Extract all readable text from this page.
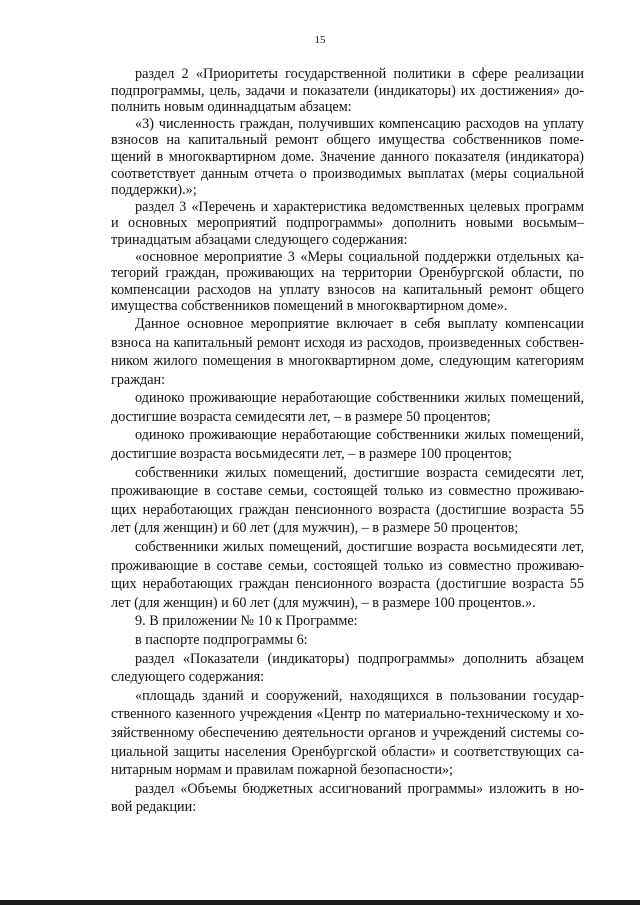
15

раздел 2 «Приоритеты государственной политики в сфере реализации подпрограммы, цель, задачи и показатели (индикаторы) их достижения» дополнить новым одиннадцатым абзацем:

«3) численность граждан, получивших компенсацию расходов на уплату взносов на капитальный ремонт общего имущества собственников помещений в многоквартирном доме. Значение данного показателя (индикатора) соответствует данным отчета о производимых выплатах (меры социальной поддержки).»;

раздел 3 «Перечень и характеристика ведомственных целевых программ и основных мероприятий подпрограммы» дополнить новыми восьмым–тринадцатым абзацами следующего содержания:

«основное мероприятие 3 «Меры социальной поддержки отдельных категорий граждан, проживающих на территории Оренбургской области, по компенсации расходов на уплату взносов на капитальный ремонт общего имущества собственников помещений в многоквартирном доме».

Данное основное мероприятие включает в себя выплату компенсации взноса на капитальный ремонт исходя из расходов, произведенных собственником жилого помещения в многоквартирном доме, следующим категориям граждан:

одиноко проживающие неработающие собственники жилых помещений, достигшие возраста семидесяти лет, – в размере 50 процентов;

одиноко проживающие неработающие собственники жилых помещений, достигшие возраста восьмидесяти лет, – в размере 100 процентов;

собственники жилых помещений, достигшие возраста семидесяти лет, проживающие в составе семьи, состоящей только из совместно проживающих неработающих граждан пенсионного возраста (достигшие возраста 55 лет (для женщин) и 60 лет (для мужчин), – в размере 50 процентов;

собственники жилых помещений, достигшие возраста восьмидесяти лет, проживающие в составе семьи, состоящей только из совместно проживающих неработающих граждан пенсионного возраста (достигшие возраста 55 лет (для женщин) и 60 лет (для мужчин), – в размере 100 процентов.».

9. В приложении № 10 к Программе:

в паспорте подпрограммы 6:

раздел «Показатели (индикаторы) подпрограммы» дополнить абзацем следующего содержания:

«площадь зданий и сооружений, находящихся в пользовании государственного казенного учреждения «Центр по материально-техническому и хозяйственному обеспечению деятельности органов и учреждений системы социальной защиты населения Оренбургской области» и соответствующих санитарным нормам и правилам пожарной безопасности»;

раздел «Объемы бюджетных ассигнований программы» изложить в новой редакции:
